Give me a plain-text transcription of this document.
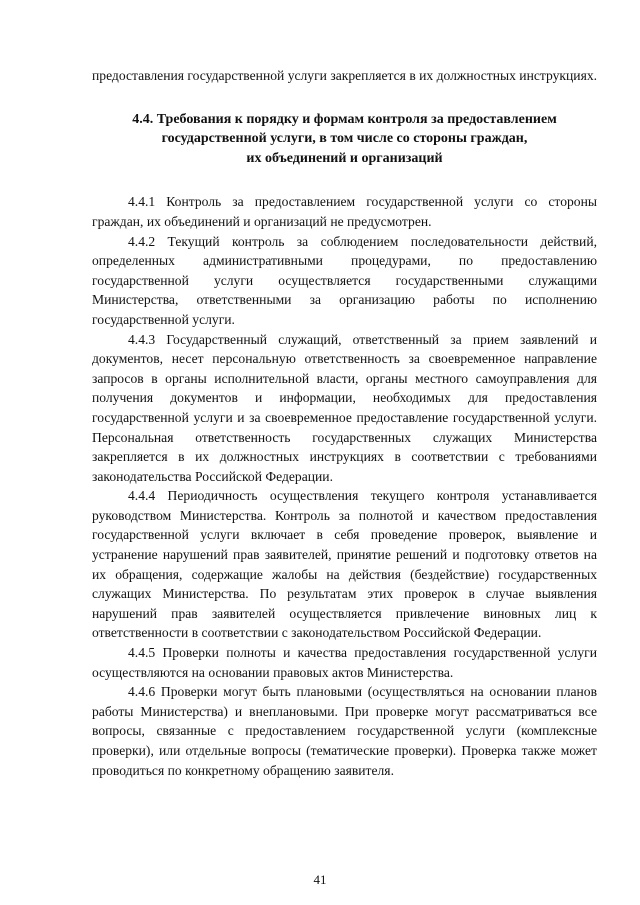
предоставления государственной услуги закрепляется в их должностных инструкциях.

4.4. Требования к порядку и формам контроля за предоставлением
государственной услуги, в том числе со стороны граждан,
их объединений и организаций

4.4.1 Контроль за предоставлением государственной услуги со стороны граждан, их объединений и организаций не предусмотрен.

4.4.2 Текущий контроль за соблюдением последовательности действий, определенных административными процедурами, по предоставлению государственной услуги осуществляется государственными служащими Министерства, ответственными за организацию работы по исполнению государственной услуги.

4.4.3 Государственный служащий, ответственный за прием заявлений и документов, несет персональную ответственность за своевременное направление запросов в органы исполнительной власти, органы местного самоуправления для получения документов и информации, необходимых для предоставления государственной услуги и за своевременное предоставление государственной услуги. Персональная ответственность государственных служащих Министерства закрепляется в их должностных инструкциях в соответствии с требованиями законодательства Российской Федерации.

4.4.4 Периодичность осуществления текущего контроля устанавливается руководством Министерства. Контроль за полнотой и качеством предоставления государственной услуги включает в себя проведение проверок, выявление и устранение нарушений прав заявителей, принятие решений и подготовку ответов на их обращения, содержащие жалобы на действия (бездействие) государственных служащих Министерства. По результатам этих проверок в случае выявления нарушений прав заявителей осуществляется привлечение виновных лиц к ответственности в соответствии с законодательством Российской Федерации.

4.4.5 Проверки полноты и качества предоставления государственной услуги осуществляются на основании правовых актов Министерства.

4.4.6 Проверки могут быть плановыми (осуществляться на основании планов работы Министерства) и внеплановыми. При проверке могут рассматриваться все вопросы, связанные с предоставлением государственной услуги (комплексные проверки), или отдельные вопросы (тематические проверки). Проверка также может проводиться по конкретному обращению заявителя.

41
